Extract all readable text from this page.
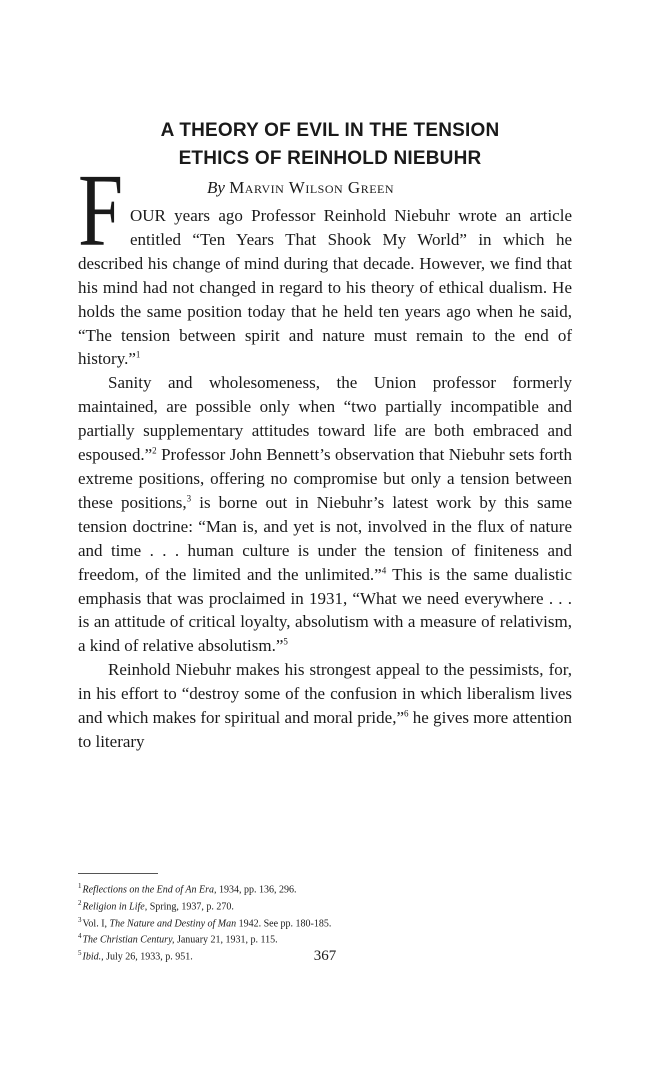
A THEORY OF EVIL IN THE TENSION
ETHICS OF REINHOLD NIEBUHR

By Marvin Wilson Green

F OUR years ago Professor Reinhold Niebuhr wrote an article entitled “Ten Years That Shook My World” in which he described his change of mind during that decade. However, we find that his mind had not changed in regard to his theory of ethical dualism. He holds the same position today that he held ten years ago when he said, “The tension between spirit and nature must remain to the end of history.”$^1$

Sanity and wholesomeness, the Union professor formerly maintained, are possible only when “two partially incompatible and partially supplementary attitudes toward life are both embraced and espoused.”$^2$ Professor John Bennett’s observation that Niebuhr sets forth extreme positions, offering no compromise but only a tension between these positions,$^3$ is borne out in Niebuhr’s latest work by this same tension doctrine: “Man is, and yet is not, involved in the flux of nature and time . . . human culture is under the tension of finiteness and freedom, of the limited and the unlimited.”$^4$ This is the same dualistic emphasis that was proclaimed in 1931, “What we need everywhere . . . is an attitude of critical loyalty, absolutism with a measure of relativism, a kind of relative absolutism.”$^5$

Reinhold Niebuhr makes his strongest appeal to the pessimists, for, in his effort to “destroy some of the confusion in which liberalism lives and which makes for spiritual and moral pride,”$^6$ he gives more attention to literary

$^1$Reflections on the End of An Era, 1934, pp. 136, 296.
$^2$Religion in Life, Spring, 1937, p. 270.
$^3$Vol. I, The Nature and Destiny of Man 1942. See pp. 180-185.
$^4$The Christian Century, January 21, 1931, p. 115.
$^5$Ibid., July 26, 1933, p. 951.	367
